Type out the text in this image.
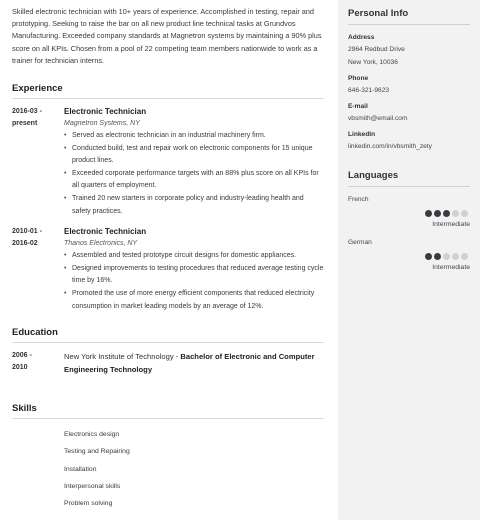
Skilled electronic technician with 10+ years of experience. Accomplished in testing, repair and prototyping. Seeking to raise the bar on all new product line technical tasks at Grundvos Manufacturing. Exceeded company standards at Magnetron systems by maintaining a 90% plus score on all KPIs. Chosen from a pool of 22 competing team members nationwide to work as a trainer for technician interns.

Experience
2016-03 -
present
Electronic Technician
Magnetron Systems, NY
• Served as electronic technician in an industrial machinery firm.
• Conducted build, test and repair work on electronic components for 15 unique product lines.
• Exceeded corporate performance targets with an 88% plus score on all KPIs for all quarters of employment.
• Trained 20 new starters in corporate policy and industry-leading health and safety practices.
2010-01 -
2016-02
Electronic Technician
Thanos Electronics, NY
• Assembled and tested prototype circuit designs for domestic appliances.
• Designed improvements to testing procedures that reduced average testing cycle time by 16%.
• Promoted the use of more energy efficient components that reduced electricity consumption in market leading models by an average of 12%.
Education
2006 -
2010
New York Institute of Technology - Bachelor of Electronic and Computer Engineering Technology
Skills
Electronics design
Testing and Repairing
Installation
Interpersonal skills
Problem solving
Personal Info
Address
2964 Redbud Drive
New York, 10036
Phone
646-321-9623
E-mail
vbsmith@email.com
LinkedIn
linkedin.com/in/vbsmith_zety
Languages
French
Intermediate
German
Intermediate
